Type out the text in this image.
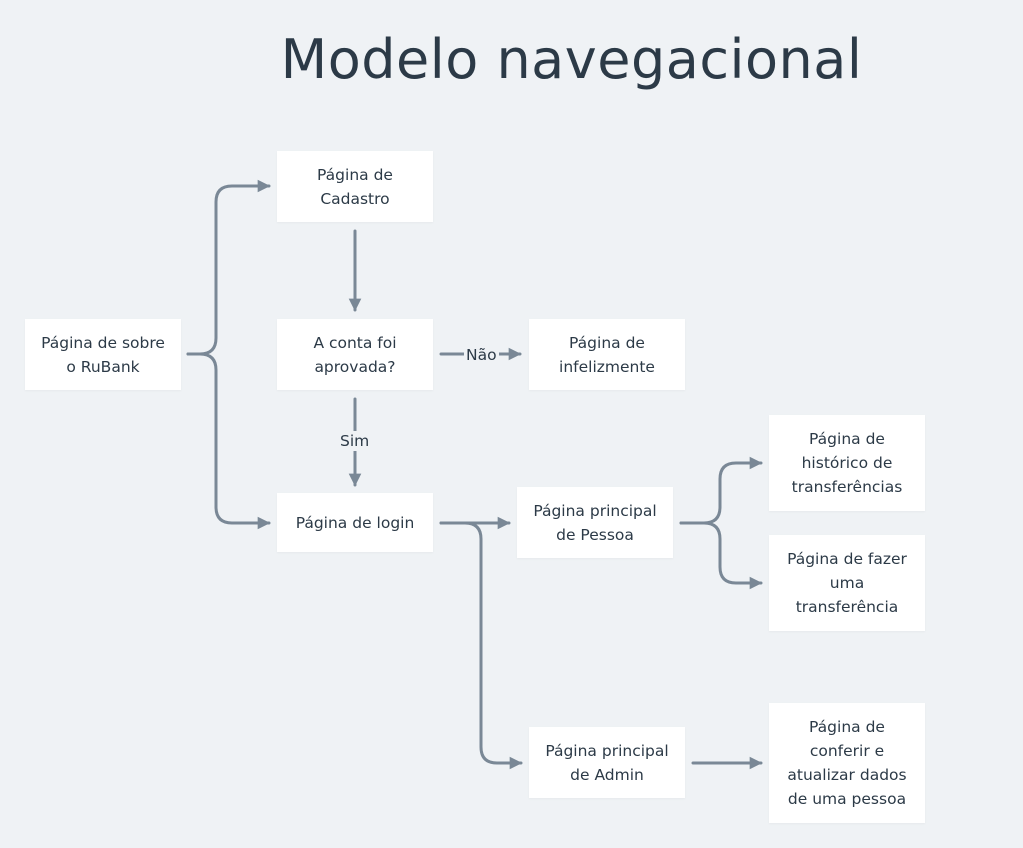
Modelo navegacional
Não
Sim
Página de sobre
o RuBank
Página de
Cadastro
A conta foi
aprovada?
Página de
infelizmente
Página de login
Página principal
de Pessoa
Página de
histórico de
transferências
Página de fazer
uma
transferência
Página principal
de Admin
Página de
conferir e
atualizar dados
de uma pessoa
